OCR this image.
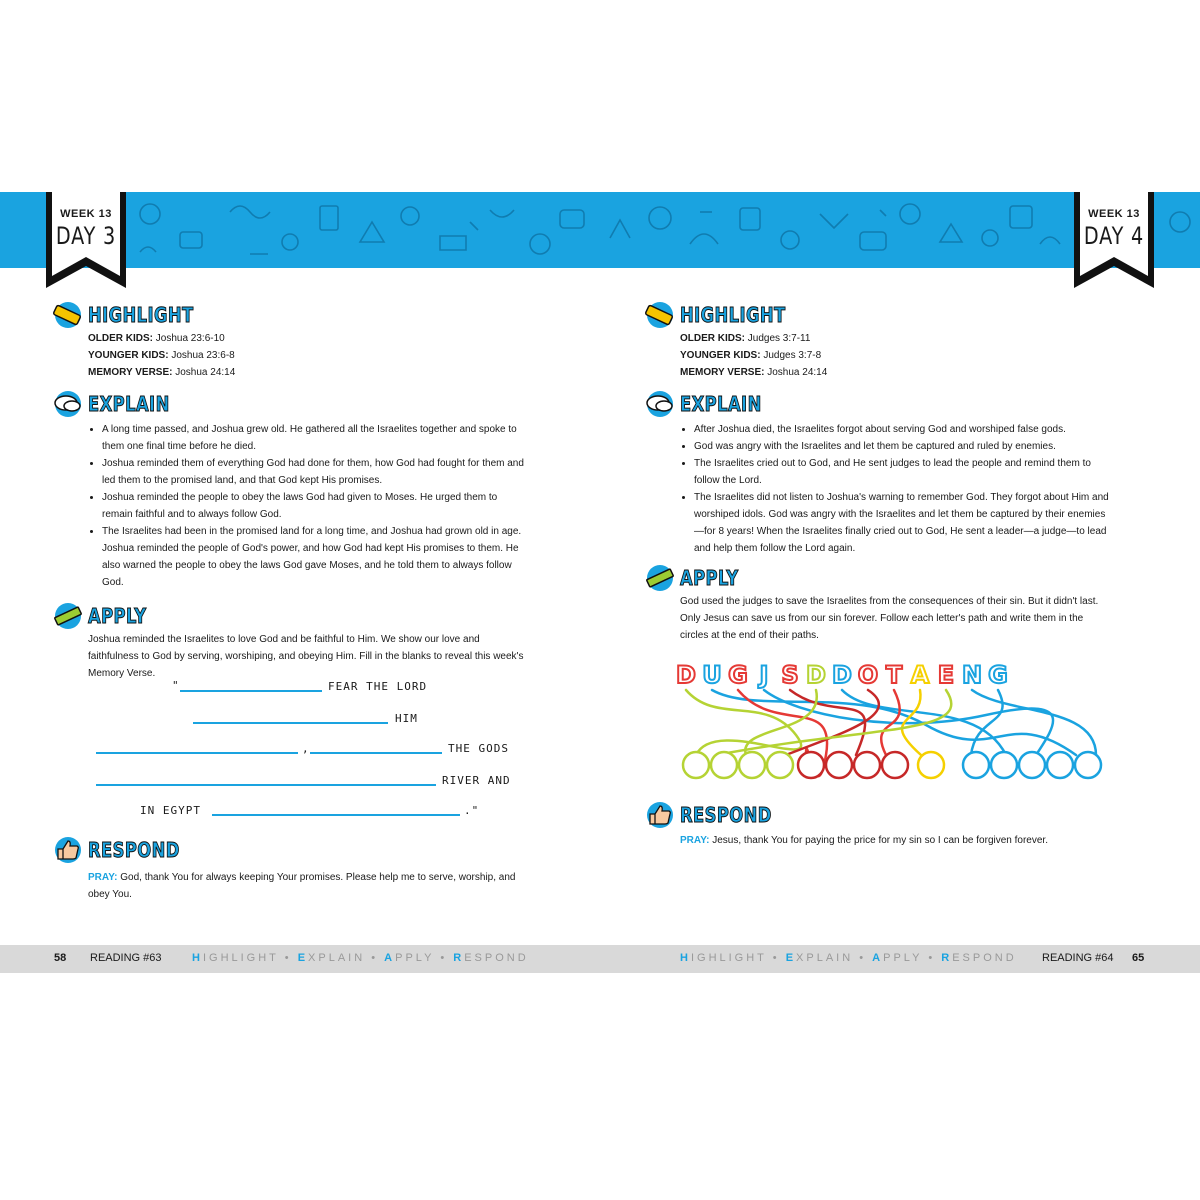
WEEK 13
DAY 3
WEEK 13
DAY 4
HIGHLIGHT
OLDER KIDS: Joshua 23:6-10
YOUNGER KIDS: Joshua 23:6-8
MEMORY VERSE: Joshua 24:14
EXPLAIN
• A long time passed, and Joshua grew old. He gathered all the Israelites together and spoke to them one final time before he died.
• Joshua reminded them of everything God had done for them, how God had fought for them and led them to the promised land, and that God kept His promises.
• Joshua reminded the people to obey the laws God had given to Moses. He urged them to remain faithful and to always follow God.
• The Israelites had been in the promised land for a long time, and Joshua had grown old in age. Joshua reminded the people of God's power, and how God had kept His promises to them. He also warned the people to obey the laws God gave Moses, and he told them to always follow God.
APPLY
Joshua reminded the Israelites to love God and be faithful to Him. We show our love and faithfulness to God by serving, worshiping, and obeying Him. Fill in the blanks to reveal this week's Memory Verse.
"	FEAR THE LORD
HIM
,	THE GODS
RIVER AND
IN EGYPT	."
RESPOND
PRAY: God, thank You for always keeping Your promises. Please help me to serve, worship, and obey You.
HIGHLIGHT
OLDER KIDS: Judges 3:7-11
YOUNGER KIDS: Judges 3:7-8
MEMORY VERSE: Joshua 24:14
EXPLAIN
• After Joshua died, the Israelites forgot about serving God and worshiped false gods.
• God was angry with the Israelites and let them be captured and ruled by enemies.
• The Israelites cried out to God, and He sent judges to lead the people and remind them to follow the Lord.
• The Israelites did not listen to Joshua's warning to remember God. They forgot about Him and worshiped idols. God was angry with the Israelites and let them be captured by their enemies—for 8 years! When the Israelites finally cried out to God, He sent a leader—a judge—to lead and help them follow the Lord again.
APPLY
God used the judges to save the Israelites from the consequences of their sin. But it didn't last. Only Jesus can save us from our sin forever. Follow each letter's path and write them in the circles at the end of their paths.
D U G J S D D O T A E N G
RESPOND
PRAY: Jesus, thank You for paying the price for my sin so I can be forgiven forever.
58 READING #63	HIGHLIGHT • EXPLAIN • APPLY • RESPOND	HIGHLIGHT • EXPLAIN • APPLY • RESPOND READING #64 65
